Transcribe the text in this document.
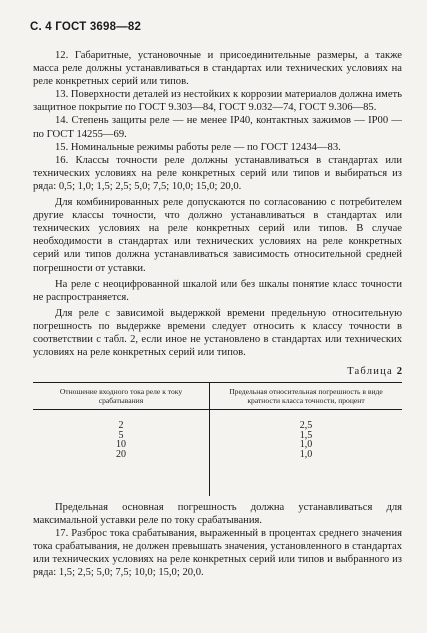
С. 4 ГОСТ 3698—82

12. Габаритные, установочные и присоединительные размеры, а также масса реле должны устанавливаться в стандартах или технических условиях на реле конкретных серий или типов.

13. Поверхности деталей из нестойких к коррозии материалов должна иметь защитное покрытие по ГОСТ 9.303—84, ГОСТ 9.032—74, ГОСТ 9.306—85.

14. Степень защиты реле — не менее IP40, контактных зажимов — IP00 — по ГОСТ 14255—69.

15. Номинальные режимы работы реле — по ГОСТ 12434—83.

16. Классы точности реле должны устанавливаться в стандартах или технических условиях на реле конкретных серий или типов и выбираться из ряда: 0,5; 1,0; 1,5; 2,5; 5,0; 7,5; 10,0; 15,0; 20,0.

Для комбинированных реле допускаются по согласованию с потребителем другие классы точности, что должно устанавливаться в стандартах или технических условиях на реле конкретных серий или типов. В случае необходимости в стандартах или технических условиях на реле конкретных серий или типов должна устанавливаться зависимость относительной средней погрешности от уставки.

На реле с неоцифрованной шкалой или без шкалы понятие класс точности не распространяется.

Для реле с зависимой выдержкой времени предельную относительную погрешность по выдержке времени следует относить к классу точности в соответствии с табл. 2, если иное не установлено в стандартах или технических условиях на реле конкретных серий или типов.

Таблица 2
Отношение входного тока реле к току срабатывания	Предельная относительная погрешность в виде кратности класса точности, процент
2	2,5
5	1,5
10	1,0
20	1,0

Предельная основная погрешность должна устанавливаться для максимальной уставки реле по току срабатывания.

17. Разброс тока срабатывания, выраженный в процентах среднего значения тока срабатывания, не должен превышать значения, установленного в стандартах или технических условиях на реле конкретных серий или типов и выбранного из ряда: 1,5; 2,5; 5,0; 7,5; 10,0; 15,0; 20,0.
